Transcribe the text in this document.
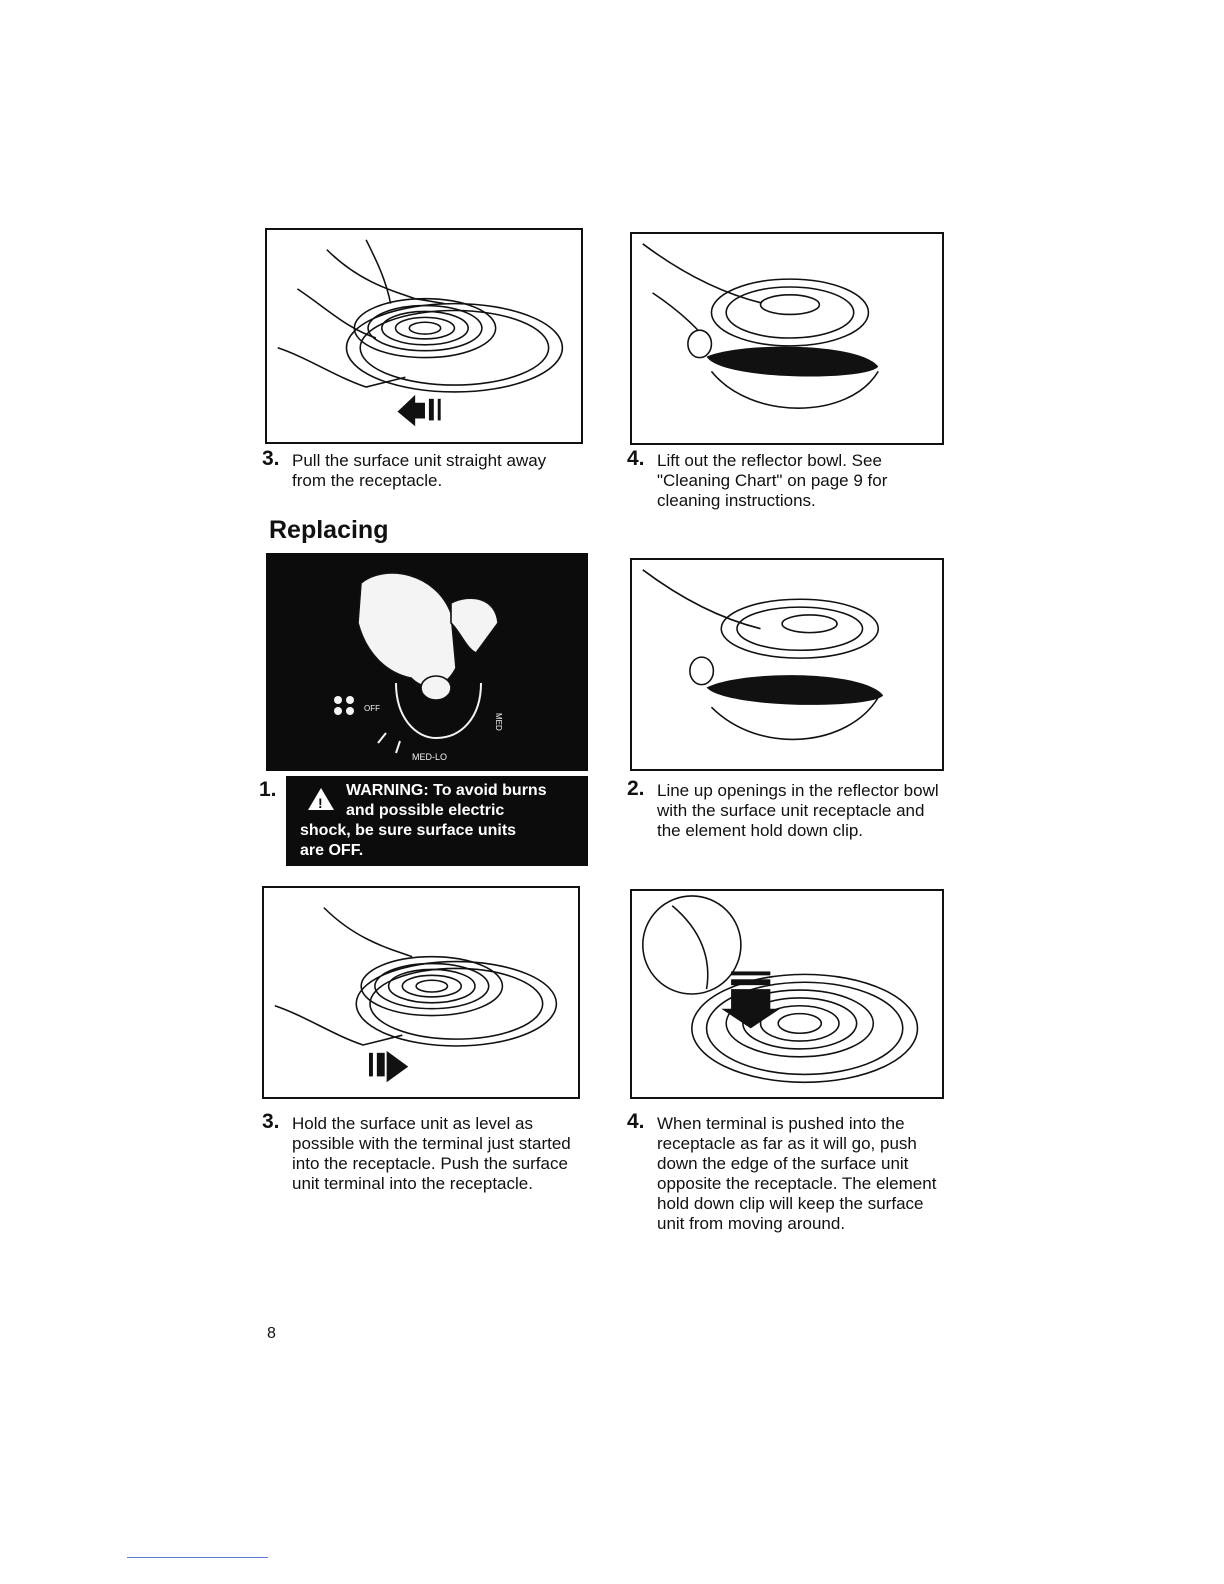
3. Pull the surface unit straight away from the receptacle.
4. Lift out the reflector bowl. See "Cleaning Chart" on page 9 for cleaning instructions.
Replacing
OFF
MED-LO
MED
1.
!
WARNING: To avoid burns
and possible electric
shock, be sure surface units
are OFF.
2. Line up openings in the reflector bowl with the surface unit receptacle and the element hold down clip.
3. Hold the surface unit as level as possible with the terminal just started into the receptacle. Push the surface unit terminal into the receptacle.
4. When terminal is pushed into the receptacle as far as it will go, push down the edge of the surface unit opposite the receptacle. The element hold down clip will keep the surface unit from moving around.
8
